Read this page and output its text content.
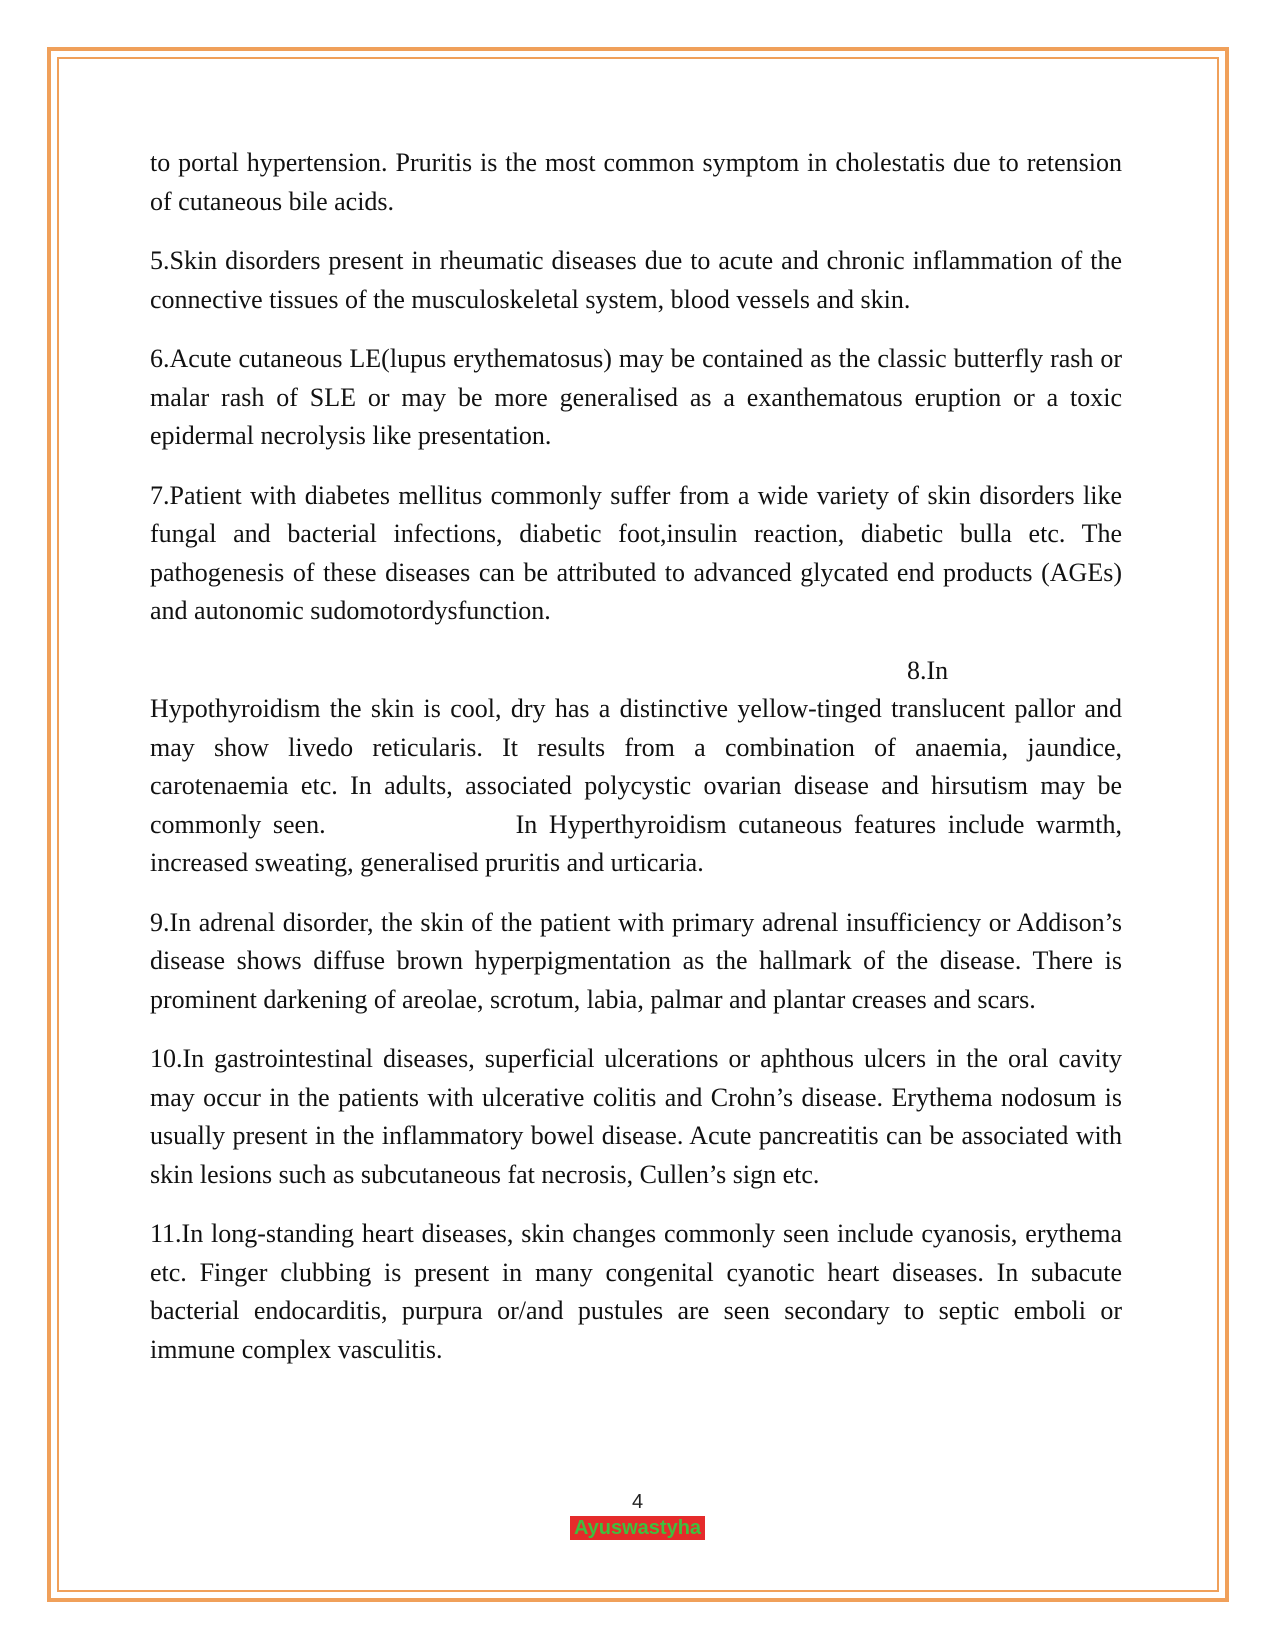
to portal hypertension. Pruritis is the most common symptom in cholestatis due to retension of cutaneous bile acids.

5.Skin disorders present in rheumatic diseases due to acute and chronic inflammation of the connective tissues of the musculoskeletal system, blood vessels and skin.

6.Acute cutaneous LE(lupus erythematosus) may be contained as the classic butterfly rash or malar rash of SLE or may be more generalised as a exanthematous eruption or a toxic epidermal necrolysis like presentation.

7.Patient with diabetes mellitus commonly suffer from a wide variety of skin disorders like fungal and bacterial infections, diabetic foot,insulin reaction, diabetic bulla etc. The pathogenesis of these diseases can be attributed to advanced glycated end products (AGEs) and autonomic sudomotordysfunction.

8.In

Hypothyroidism the skin is cool, dry has a distinctive yellow-tinged translucent pallor and may show livedo reticularis. It results from a combination of anaemia, jaundice, carotenaemia etc. In adults, associated polycystic ovarian disease and hirsutism may be commonly seen.	In Hyperthyroidism cutaneous features include warmth, increased sweating, generalised pruritis and urticaria.

9.In adrenal disorder, the skin of the patient with primary adrenal insufficiency or Addison’s disease shows diffuse brown hyperpigmentation as the hallmark of the disease. There is prominent darkening of areolae, scrotum, labia, palmar and plantar creases and scars.

10.In gastrointestinal diseases, superficial ulcerations or aphthous ulcers in the oral cavity may occur in the patients with ulcerative colitis and Crohn’s disease. Erythema nodosum is usually present in the inflammatory bowel disease. Acute pancreatitis can be associated with skin lesions such as subcutaneous fat necrosis, Cullen’s sign etc.

11.In long-standing heart diseases, skin changes commonly seen include cyanosis, erythema etc. Finger clubbing is present in many congenital cyanotic heart diseases. In subacute bacterial endocarditis, purpura or/and pustules are seen secondary to septic emboli or immune complex vasculitis.

4
Ayuswastyha
